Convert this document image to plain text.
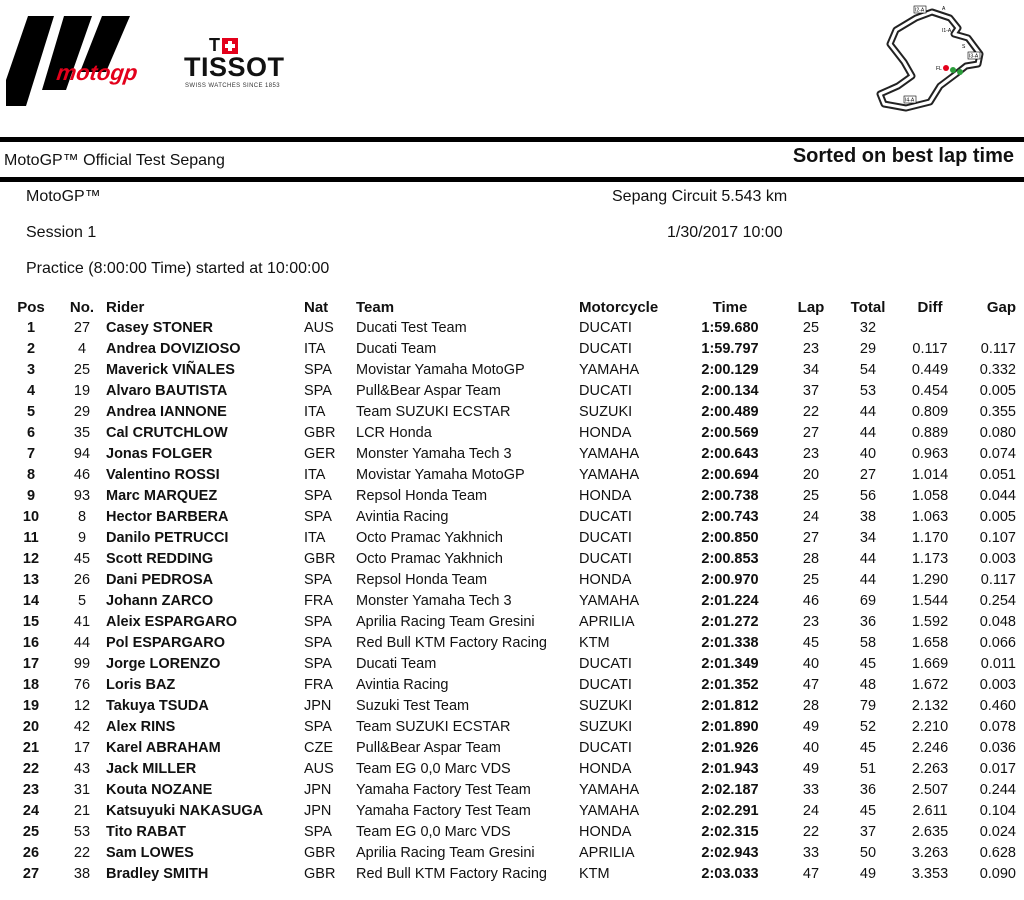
motogp
T
TISSOT
SWISS WATCHES SINCE 1853
I2-A	A
I1-A
S
FL
I3-A
I4-A
MotoGP™ Official Test Sepang	Sorted on best lap time
MotoGP™	Sepang Circuit 5.543 km
Session 1	1/30/2017 10:00
Practice (8:00:00 Time) started at 10:00:00
Pos	No.	Rider	Nat	Team	Motorcycle	Time	Lap	Total	Diff	Gap
1	27	Casey STONER	AUS	Ducati Test Team	DUCATI	1:59.680	25	32		
2	4	Andrea DOVIZIOSO	ITA	Ducati Team	DUCATI	1:59.797	23	29	0.117	0.117
3	25	Maverick VIÑALES	SPA	Movistar Yamaha MotoGP	YAMAHA	2:00.129	34	54	0.449	0.332
4	19	Alvaro BAUTISTA	SPA	Pull&Bear Aspar Team	DUCATI	2:00.134	37	53	0.454	0.005
5	29	Andrea IANNONE	ITA	Team SUZUKI ECSTAR	SUZUKI	2:00.489	22	44	0.809	0.355
6	35	Cal CRUTCHLOW	GBR	LCR Honda	HONDA	2:00.569	27	44	0.889	0.080
7	94	Jonas FOLGER	GER	Monster Yamaha Tech 3	YAMAHA	2:00.643	23	40	0.963	0.074
8	46	Valentino ROSSI	ITA	Movistar Yamaha MotoGP	YAMAHA	2:00.694	20	27	1.014	0.051
9	93	Marc MARQUEZ	SPA	Repsol Honda Team	HONDA	2:00.738	25	56	1.058	0.044
10	8	Hector BARBERA	SPA	Avintia Racing	DUCATI	2:00.743	24	38	1.063	0.005
11	9	Danilo PETRUCCI	ITA	Octo Pramac Yakhnich	DUCATI	2:00.850	27	34	1.170	0.107
12	45	Scott REDDING	GBR	Octo Pramac Yakhnich	DUCATI	2:00.853	28	44	1.173	0.003
13	26	Dani PEDROSA	SPA	Repsol Honda Team	HONDA	2:00.970	25	44	1.290	0.117
14	5	Johann ZARCO	FRA	Monster Yamaha Tech 3	YAMAHA	2:01.224	46	69	1.544	0.254
15	41	Aleix ESPARGARO	SPA	Aprilia Racing Team Gresini	APRILIA	2:01.272	23	36	1.592	0.048
16	44	Pol ESPARGARO	SPA	Red Bull KTM Factory Racing	KTM	2:01.338	45	58	1.658	0.066
17	99	Jorge LORENZO	SPA	Ducati Team	DUCATI	2:01.349	40	45	1.669	0.011
18	76	Loris BAZ	FRA	Avintia Racing	DUCATI	2:01.352	47	48	1.672	0.003
19	12	Takuya TSUDA	JPN	Suzuki Test Team	SUZUKI	2:01.812	28	79	2.132	0.460
20	42	Alex RINS	SPA	Team SUZUKI ECSTAR	SUZUKI	2:01.890	49	52	2.210	0.078
21	17	Karel ABRAHAM	CZE	Pull&Bear Aspar Team	DUCATI	2:01.926	40	45	2.246	0.036
22	43	Jack MILLER	AUS	Team EG 0,0 Marc VDS	HONDA	2:01.943	49	51	2.263	0.017
23	31	Kouta NOZANE	JPN	Yamaha Factory Test Team	YAMAHA	2:02.187	33	36	2.507	0.244
24	21	Katsuyuki NAKASUGA	JPN	Yamaha Factory Test Team	YAMAHA	2:02.291	24	45	2.611	0.104
25	53	Tito RABAT	SPA	Team EG 0,0 Marc VDS	HONDA	2:02.315	22	37	2.635	0.024
26	22	Sam LOWES	GBR	Aprilia Racing Team Gresini	APRILIA	2:02.943	33	50	3.263	0.628
27	38	Bradley SMITH	GBR	Red Bull KTM Factory Racing	KTM	2:03.033	47	49	3.353	0.090
